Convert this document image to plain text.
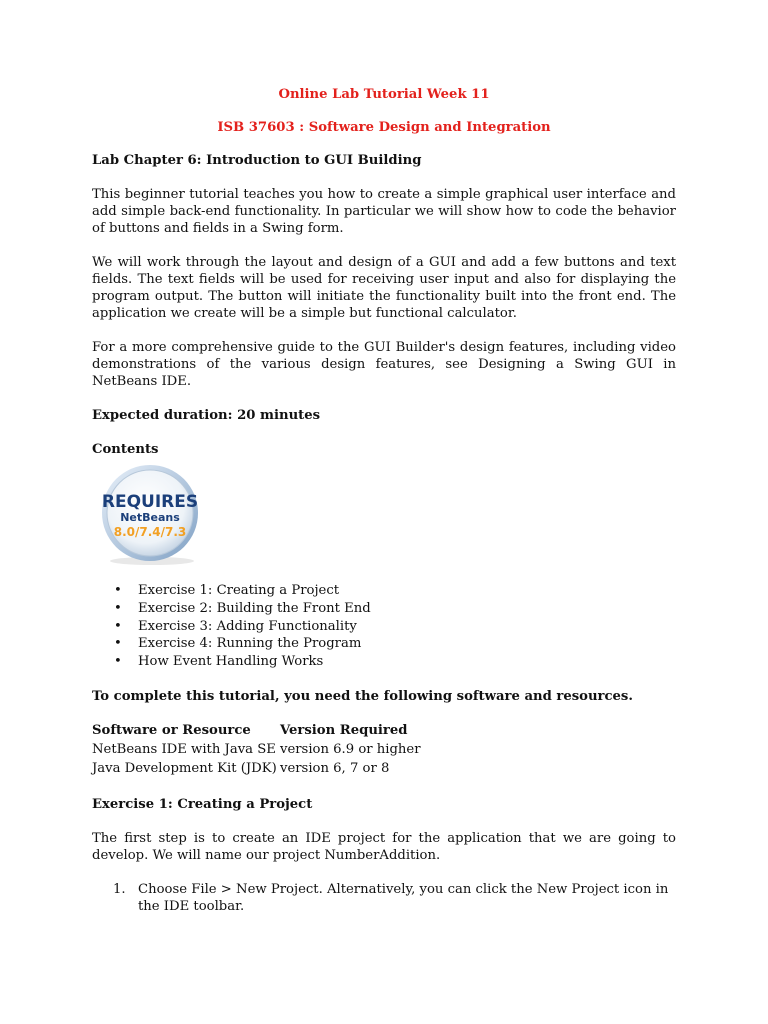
Online Lab Tutorial Week 11
ISB 37603 : Software Design and Integration
Lab Chapter 6: Introduction to GUI Building

This beginner tutorial teaches you how to create a simple graphical user interface and add simple back-end functionality. In particular we will show how to code the behavior of buttons and fields in a Swing form.

We will work through the layout and design of a GUI and add a few buttons and text fields. The text fields will be used for receiving user input and also for displaying the program output. The button will initiate the functionality built into the front end. The application we create will be a simple but functional calculator.

For a more comprehensive guide to the GUI Builder's design features, including video demonstrations of the various design features, see Designing a Swing GUI in NetBeans IDE.

Expected duration: 20 minutes

Contents

REQUIRES
NetBeans
8.0/7.4/7.3
• Exercise 1: Creating a Project
• Exercise 2: Building the Front End
• Exercise 3: Adding Functionality
• Exercise 4: Running the Program
• How Event Handling Works

To complete this tutorial, you need the following software and resources.

Software or Resource	Version Required
NetBeans IDE with Java SE	version 6.9 or higher
Java Development Kit (JDK)	version 6, 7 or 8
Exercise 1: Creating a Project

The first step is to create an IDE project for the application that we are going to develop. We will name our project NumberAddition.

1. Choose File > New Project. Alternatively, you can click the New Project icon in the IDE toolbar.
